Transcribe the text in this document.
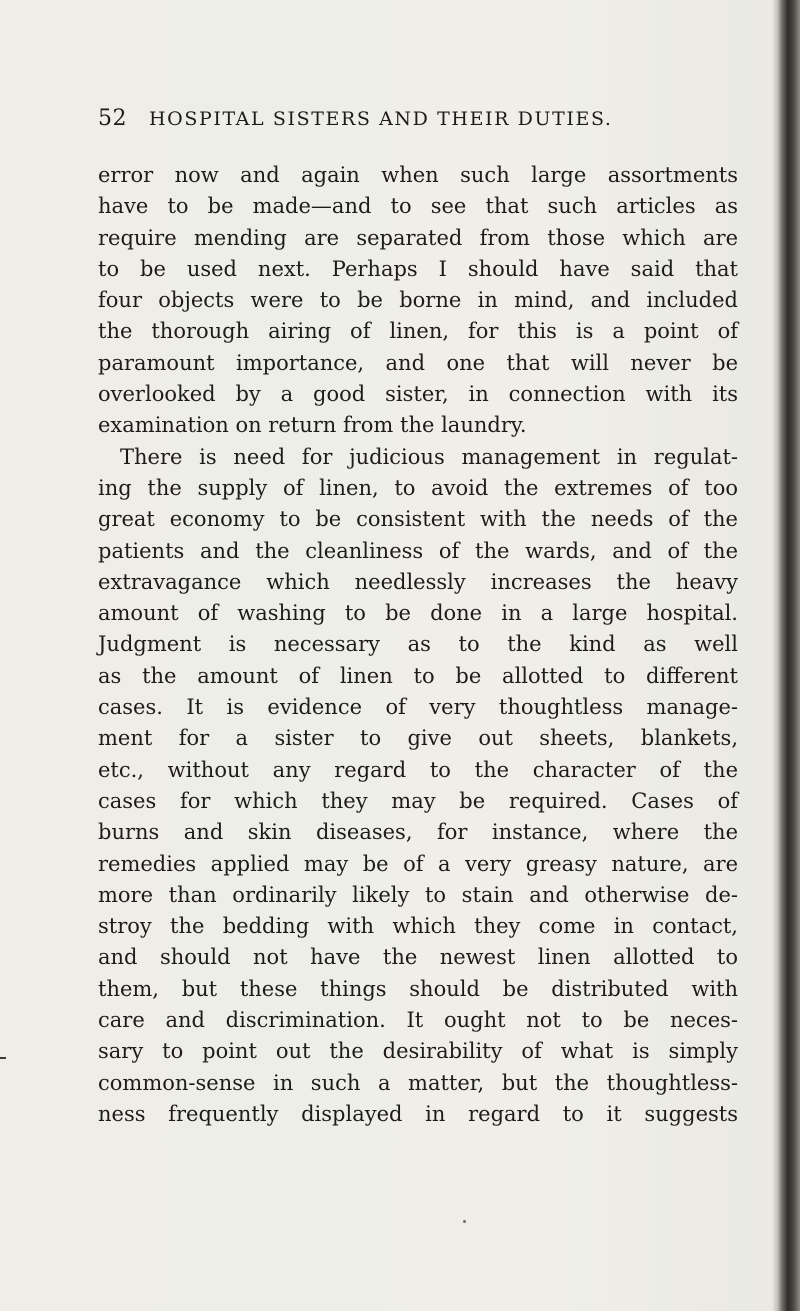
52 HOSPITAL SISTERS AND THEIR DUTIES.
error now and again when such large assortments
have to be made—and to see that such articles as
require mending are separated from those which are
to be used next. Perhaps I should have said that
four objects were to be borne in mind, and included
the thorough airing of linen, for this is a point of
paramount importance, and one that will never be
overlooked by a good sister, in connection with its
examination on return from the laundry.
There is need for judicious management in regulat-
ing the supply of linen, to avoid the extremes of too
great economy to be consistent with the needs of the
patients and the cleanliness of the wards, and of the
extravagance which needlessly increases the heavy
amount of washing to be done in a large hospital.
Judgment is necessary as to the kind as well
as the amount of linen to be allotted to different
cases. It is evidence of very thoughtless manage-
ment for a sister to give out sheets, blankets,
etc., without any regard to the character of the
cases for which they may be required. Cases of
burns and skin diseases, for instance, where the
remedies applied may be of a very greasy nature, are
more than ordinarily likely to stain and otherwise de-
stroy the bedding with which they come in contact,
and should not have the newest linen allotted to
them, but these things should be distributed with
care and discrimination. It ought not to be neces-
sary to point out the desirability of what is simply
common-sense in such a matter, but the thoughtless-
ness frequently displayed in regard to it suggests
